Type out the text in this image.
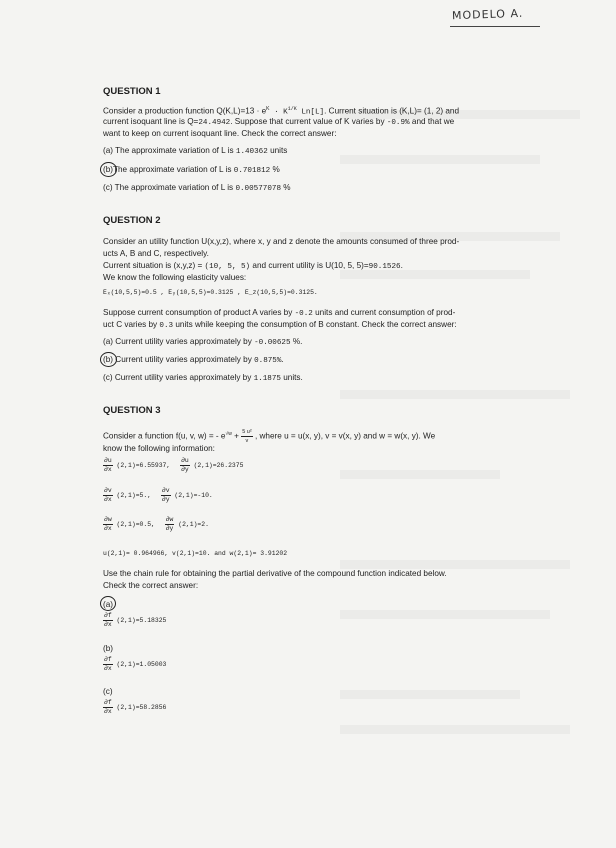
MODELO A.
QUESTION 1
Consider a production function $Q(K,L)=13 \cdot e^K \cdot K^{1/K}$ Ln[L]. Current situation is (K,L)= (1, 2) and
current isoquant line is Q=24.4942. Suppose that current value of K varies by -0.9% and that we
want to keep on current isoquant line. Check the correct answer:
(a) The approximate variation of L is 1.40362 units
(b)The approximate variation of L is 0.701812 %
(c) The approximate variation of L is 0.00577078 %
QUESTION 2
Consider an utility function U(x,y,z), where x, y and z denote the amounts consumed of three prod-
ucts A, B and C, respectively.
Current situation is (x,y,z) = (10, 5, 5) and current utility is U(10, 5, 5)=90.1526.
We know the following elasticity values:
Eₓ(10,5,5)=0.5 , Eᵧ(10,5,5)=0.3125 , E_z(10,5,5)=0.3125.
Suppose current consumption of product A varies by -0.2 units and current consumption of prod-
uct C varies by 0.3 units while keeping the consumption of B constant. Check the correct answer:
(a) Current utility varies approximately by -0.00625 %.
(b) Current utility varies approximately by 0.875%.
(c) Current utility varies approximately by 1.1875 units.
QUESTION 3
Consider a function f(u, v, w) = - $e^{√w} + \frac{\text{5 u²}}{v}$ , where u = u(x, y), v = v(x, y) and w = w(x, y). We
know the following information:
$\frac{\partial u}{\partial x} (2,1)=6.55937$, $\frac{\partial u}{\partial y} (2,1)=26.2375$
$\frac{\partial v}{\partial x} (2,1)=5$., $\frac{\partial v}{\partial y} (2,1)=-10$.
$\frac{\partial w}{\partial x} (2,1)=0.5$, $\frac{\partial w}{\partial y} (2,1)=2$.
u(2,1)= 0.964966, v(2,1)=10. and w(2,1)= 3.91202
Use the chain rule for obtaining the partial derivative of the compound function indicated below.
Check the correct answer:
(a)
$\frac{\partial f}{\partial x} (2,1)=5.18325$
(b)
$\frac{\partial f}{\partial x} (2,1)=1.05003$
(c)
$\frac{\partial f}{\partial x} (2,1)=58.2856$
